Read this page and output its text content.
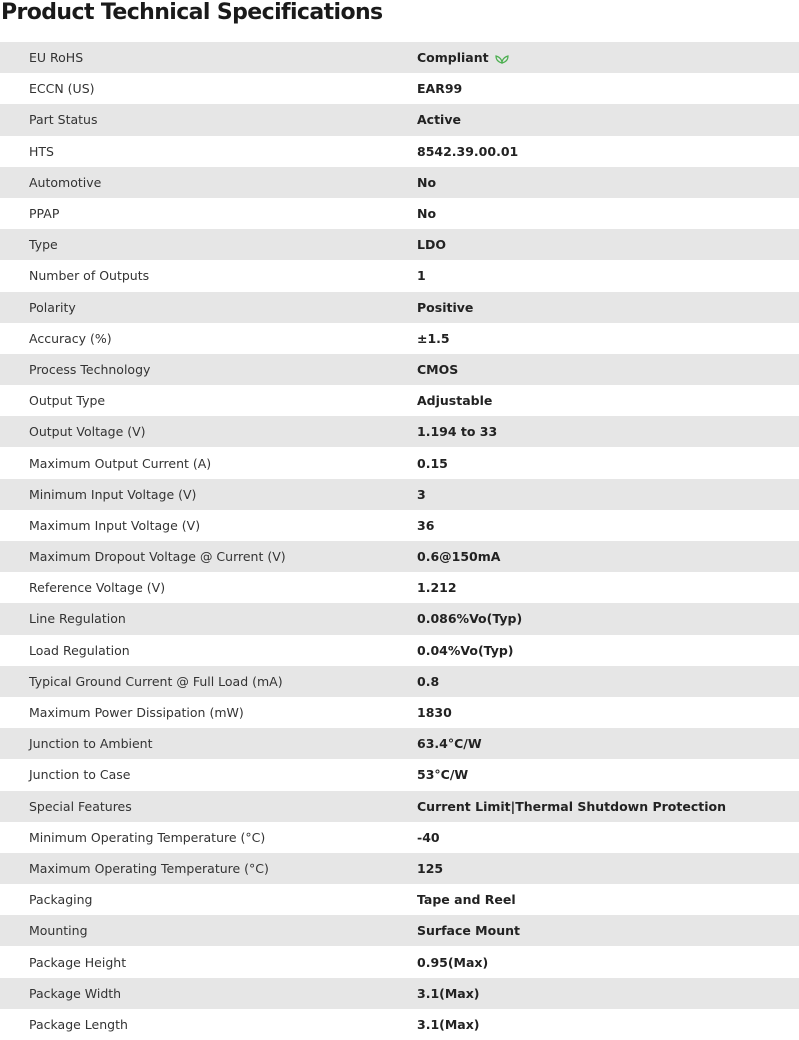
Product Technical Specifications
EU RoHS	Compliant

ECCN (US)	EAR99
Part Status	Active
HTS	8542.39.00.01
Automotive	No
PPAP	No
Type	LDO
Number of Outputs	1
Polarity	Positive
Accuracy (%)	±1.5
Process Technology	CMOS
Output Type	Adjustable
Output Voltage (V)	1.194 to 33
Maximum Output Current (A)	0.15
Minimum Input Voltage (V)	3
Maximum Input Voltage (V)	36
Maximum Dropout Voltage @ Current (V)	0.6@150mA
Reference Voltage (V)	1.212
Line Regulation	0.086%Vo(Typ)
Load Regulation	0.04%Vo(Typ)
Typical Ground Current @ Full Load (mA)	0.8
Maximum Power Dissipation (mW)	1830
Junction to Ambient	63.4°C/W
Junction to Case	53°C/W
Special Features	Current Limit|Thermal Shutdown Protection
Minimum Operating Temperature (°C)	-40
Maximum Operating Temperature (°C)	125
Packaging	Tape and Reel
Mounting	Surface Mount
Package Height	0.95(Max)
Package Width	3.1(Max)
Package Length	3.1(Max)
